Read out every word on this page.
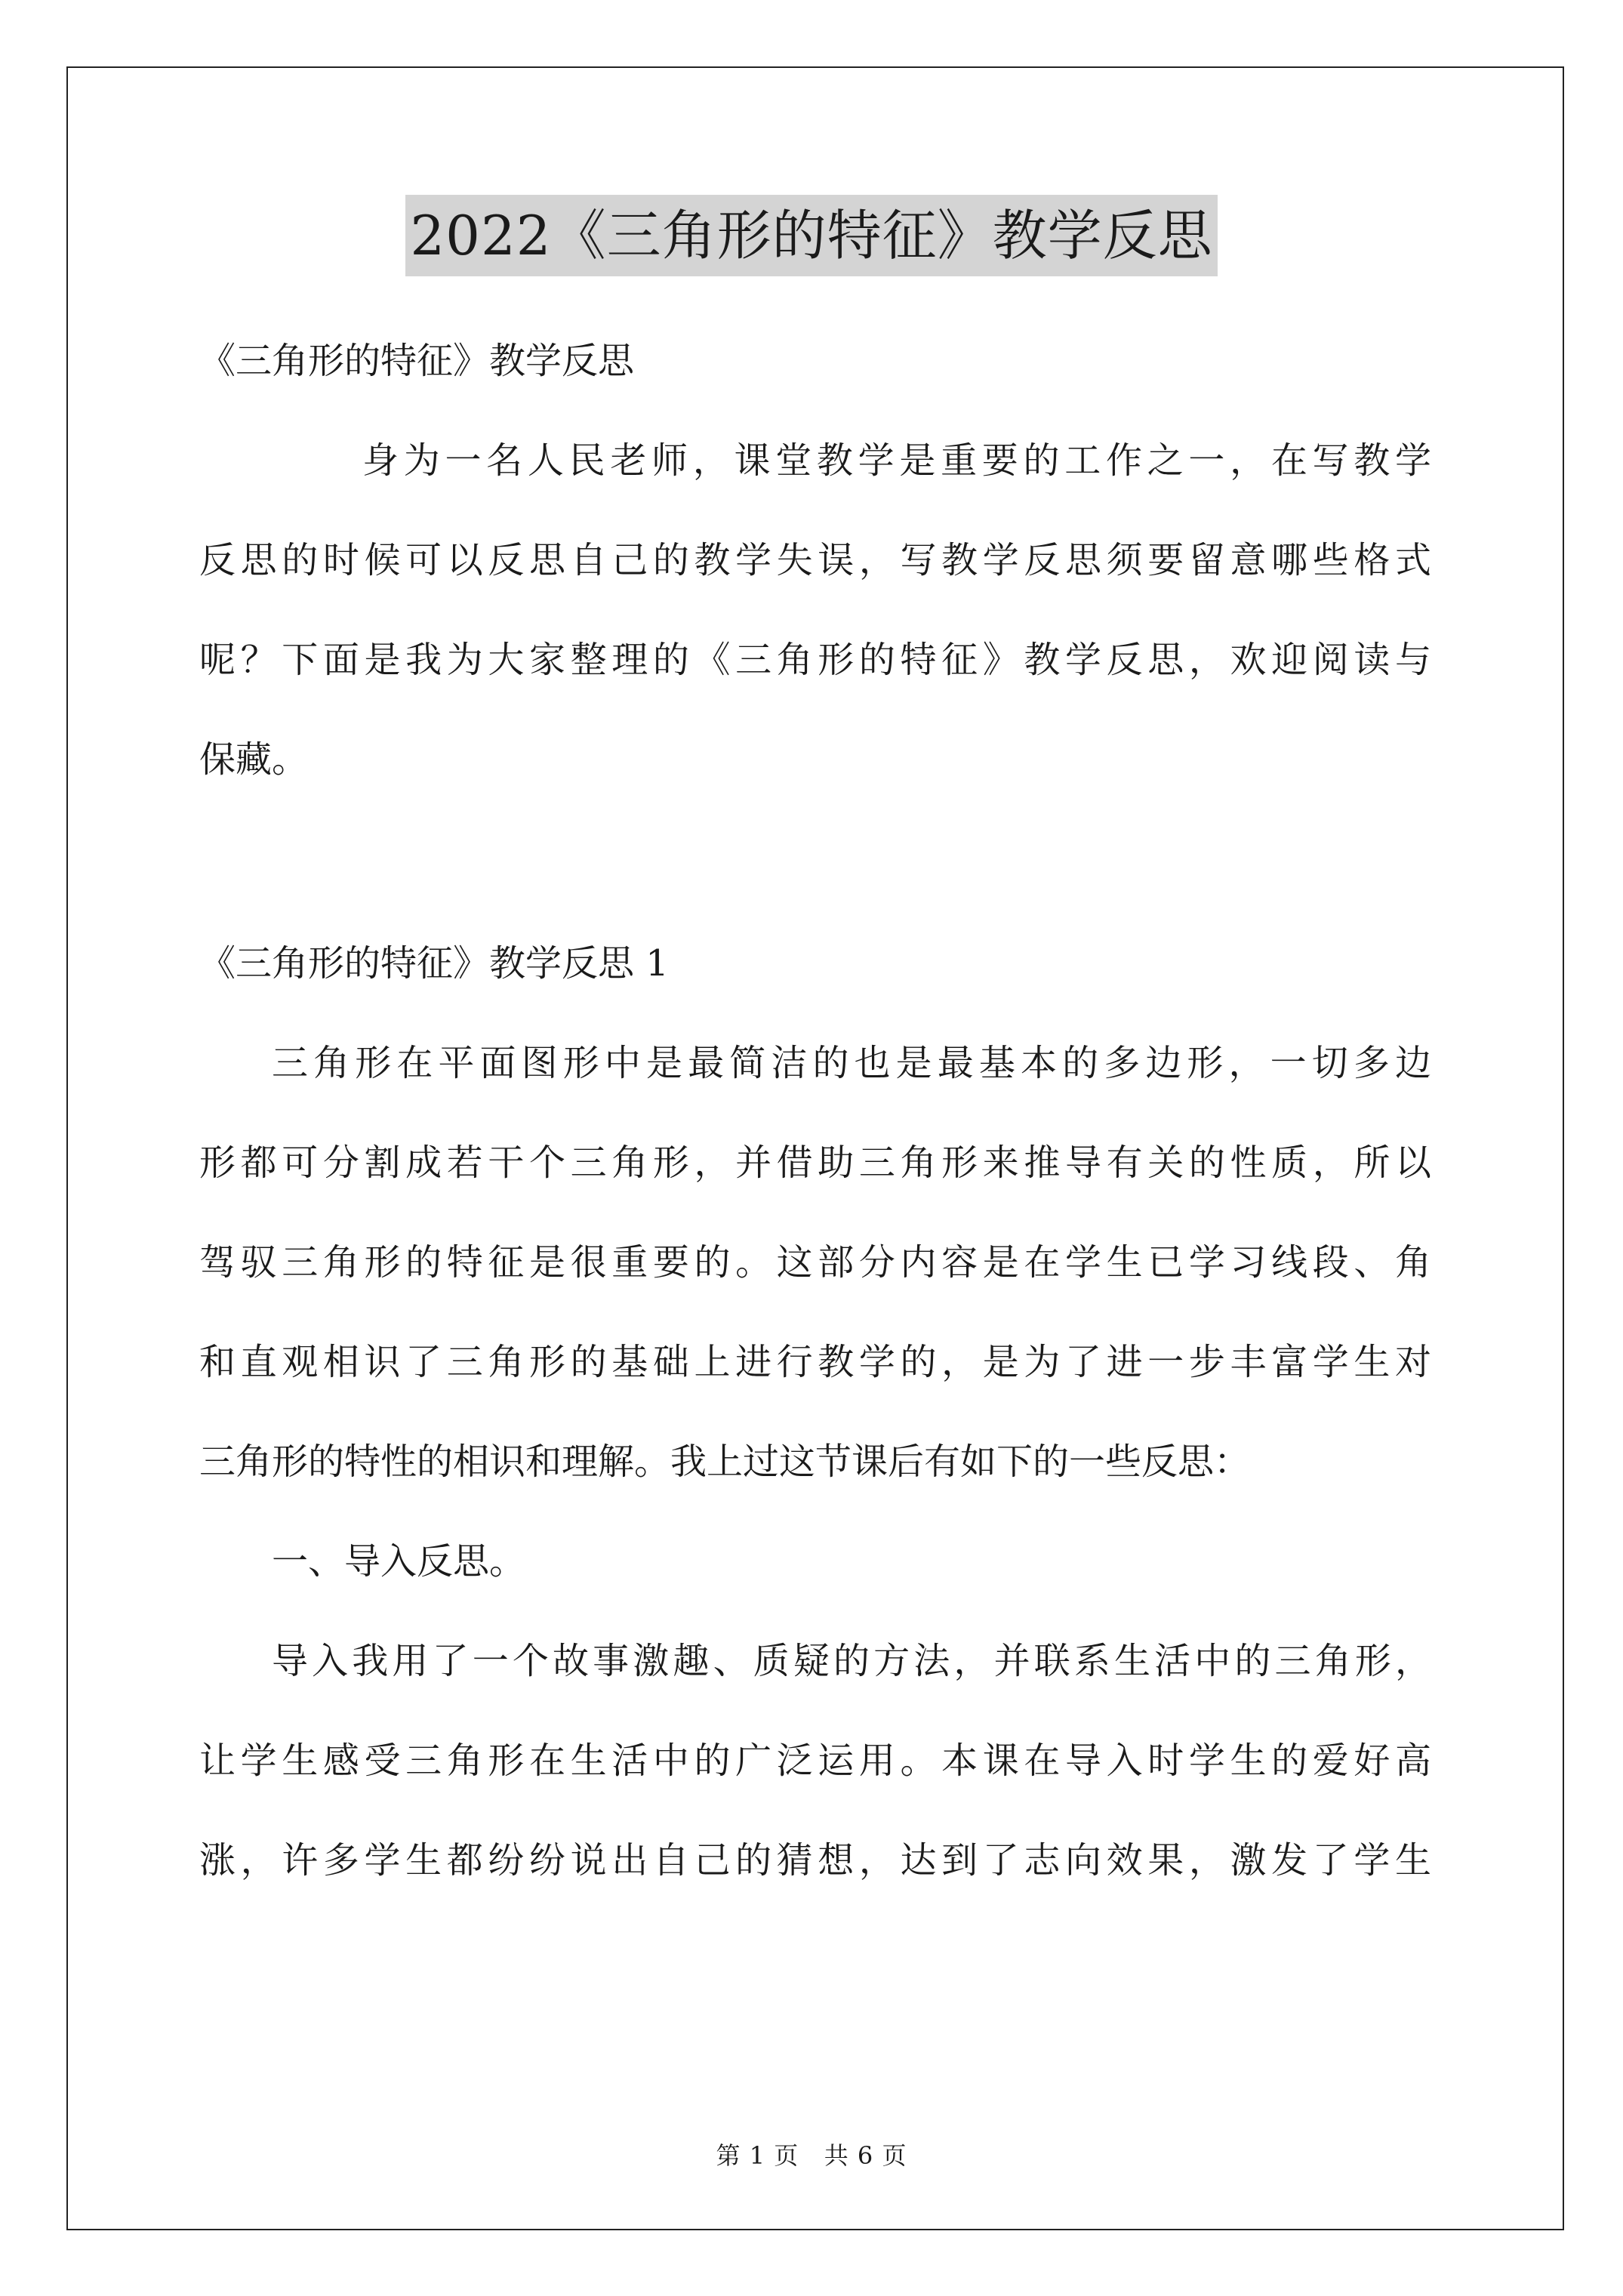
2022《三角形的特征》教学反思
《三角形的特征》教学反思
身为一名人民老师，课堂教学是重要的工作之一，在写教学
反思的时候可以反思自己的教学失误，写教学反思须要留意哪些格式
呢？下面是我为大家整理的《三角形的特征》教学反思，欢迎阅读与
保藏。
《三角形的特征》教学反思 1
三角形在平面图形中是最简洁的也是最基本的多边形，一切多边
形都可分割成若干个三角形，并借助三角形来推导有关的性质，所以
驾驭三角形的特征是很重要的。这部分内容是在学生已学习线段、角
和直观相识了三角形的基础上进行教学的，是为了进一步丰富学生对
三角形的特性的相识和理解。我上过这节课后有如下的一些反思：
一、导入反思。
导入我用了一个故事激趣、质疑的方法，并联系生活中的三角形，
让学生感受三角形在生活中的广泛运用。本课在导入时学生的爱好高
涨，许多学生都纷纷说出自己的猜想，达到了志向效果，激发了学生
第 1 页   共 6 页
